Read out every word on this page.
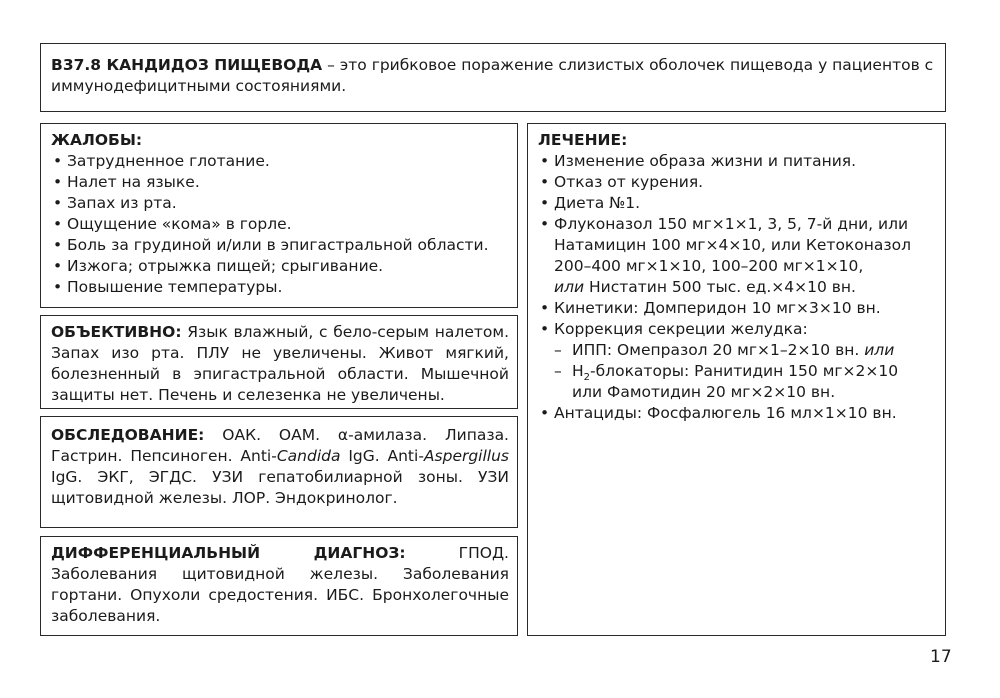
B37.8 КАНДИДОЗ ПИЩЕВОДА – это грибковое поражение слизистых оболочек пищевода у пациентов с иммунодефицитными состояниями.
ЖАЛОБЫ:
• Затрудненное глотание.
• Налет на языке.
• Запах из рта.
• Ощущение «кома» в горле.
• Боль за грудиной и/или в эпигастральной области.
• Изжога; отрыжка пищей; срыгивание.
• Повышение температуры.
ОБЪЕКТИВНО: Язык влажный, с бело-серым налетом. Запах изо рта. ПЛУ не увеличены. Живот мягкий, болезненный в эпигастральной области. Мышечной защиты нет. Печень и селезенка не увеличены.
ОБСЛЕДОВАНИЕ: ОАК. ОАМ. α-амилаза. Липаза. Гастрин. Пепсиноген. Anti-Candida IgG. Anti-Aspergillus IgG. ЭКГ, ЭГДС. УЗИ гепатобилиарной зоны. УЗИ щитовидной железы. ЛОР. Эндокринолог.
ДИФФЕРЕНЦИАЛЬНЫЙ ДИАГНОЗ: ГПОД. Заболевания щитовидной железы. Заболевания гортани. Опухоли средостения. ИБС. Бронхолегочные заболевания.
ЛЕЧЕНИЕ:
• Изменение образа жизни и питания.
• Отказ от курения.
• Диета №1.
• Флуконазол 150 мг×1×1, 3, 5, 7-й дни, или
Натамицин 100 мг×4×10, или Кетоконазол
200–400 мг×1×10, 100–200 мг×1×10,
или Нистатин 500 тыс. ед.×4×10 вн.
• Кинетики: Домперидон 10 мг×3×10 вн.
• Коррекция секреции желудка:
– ИПП: Омепразол 20 мг×1–2×10 вн. или
– $H_2$-блокаторы: Ранитидин 150 мг×2×10
или Фамотидин 20 мг×2×10 вн.
• Антациды: Фосфалюгель 16 мл×1×10 вн.
17
